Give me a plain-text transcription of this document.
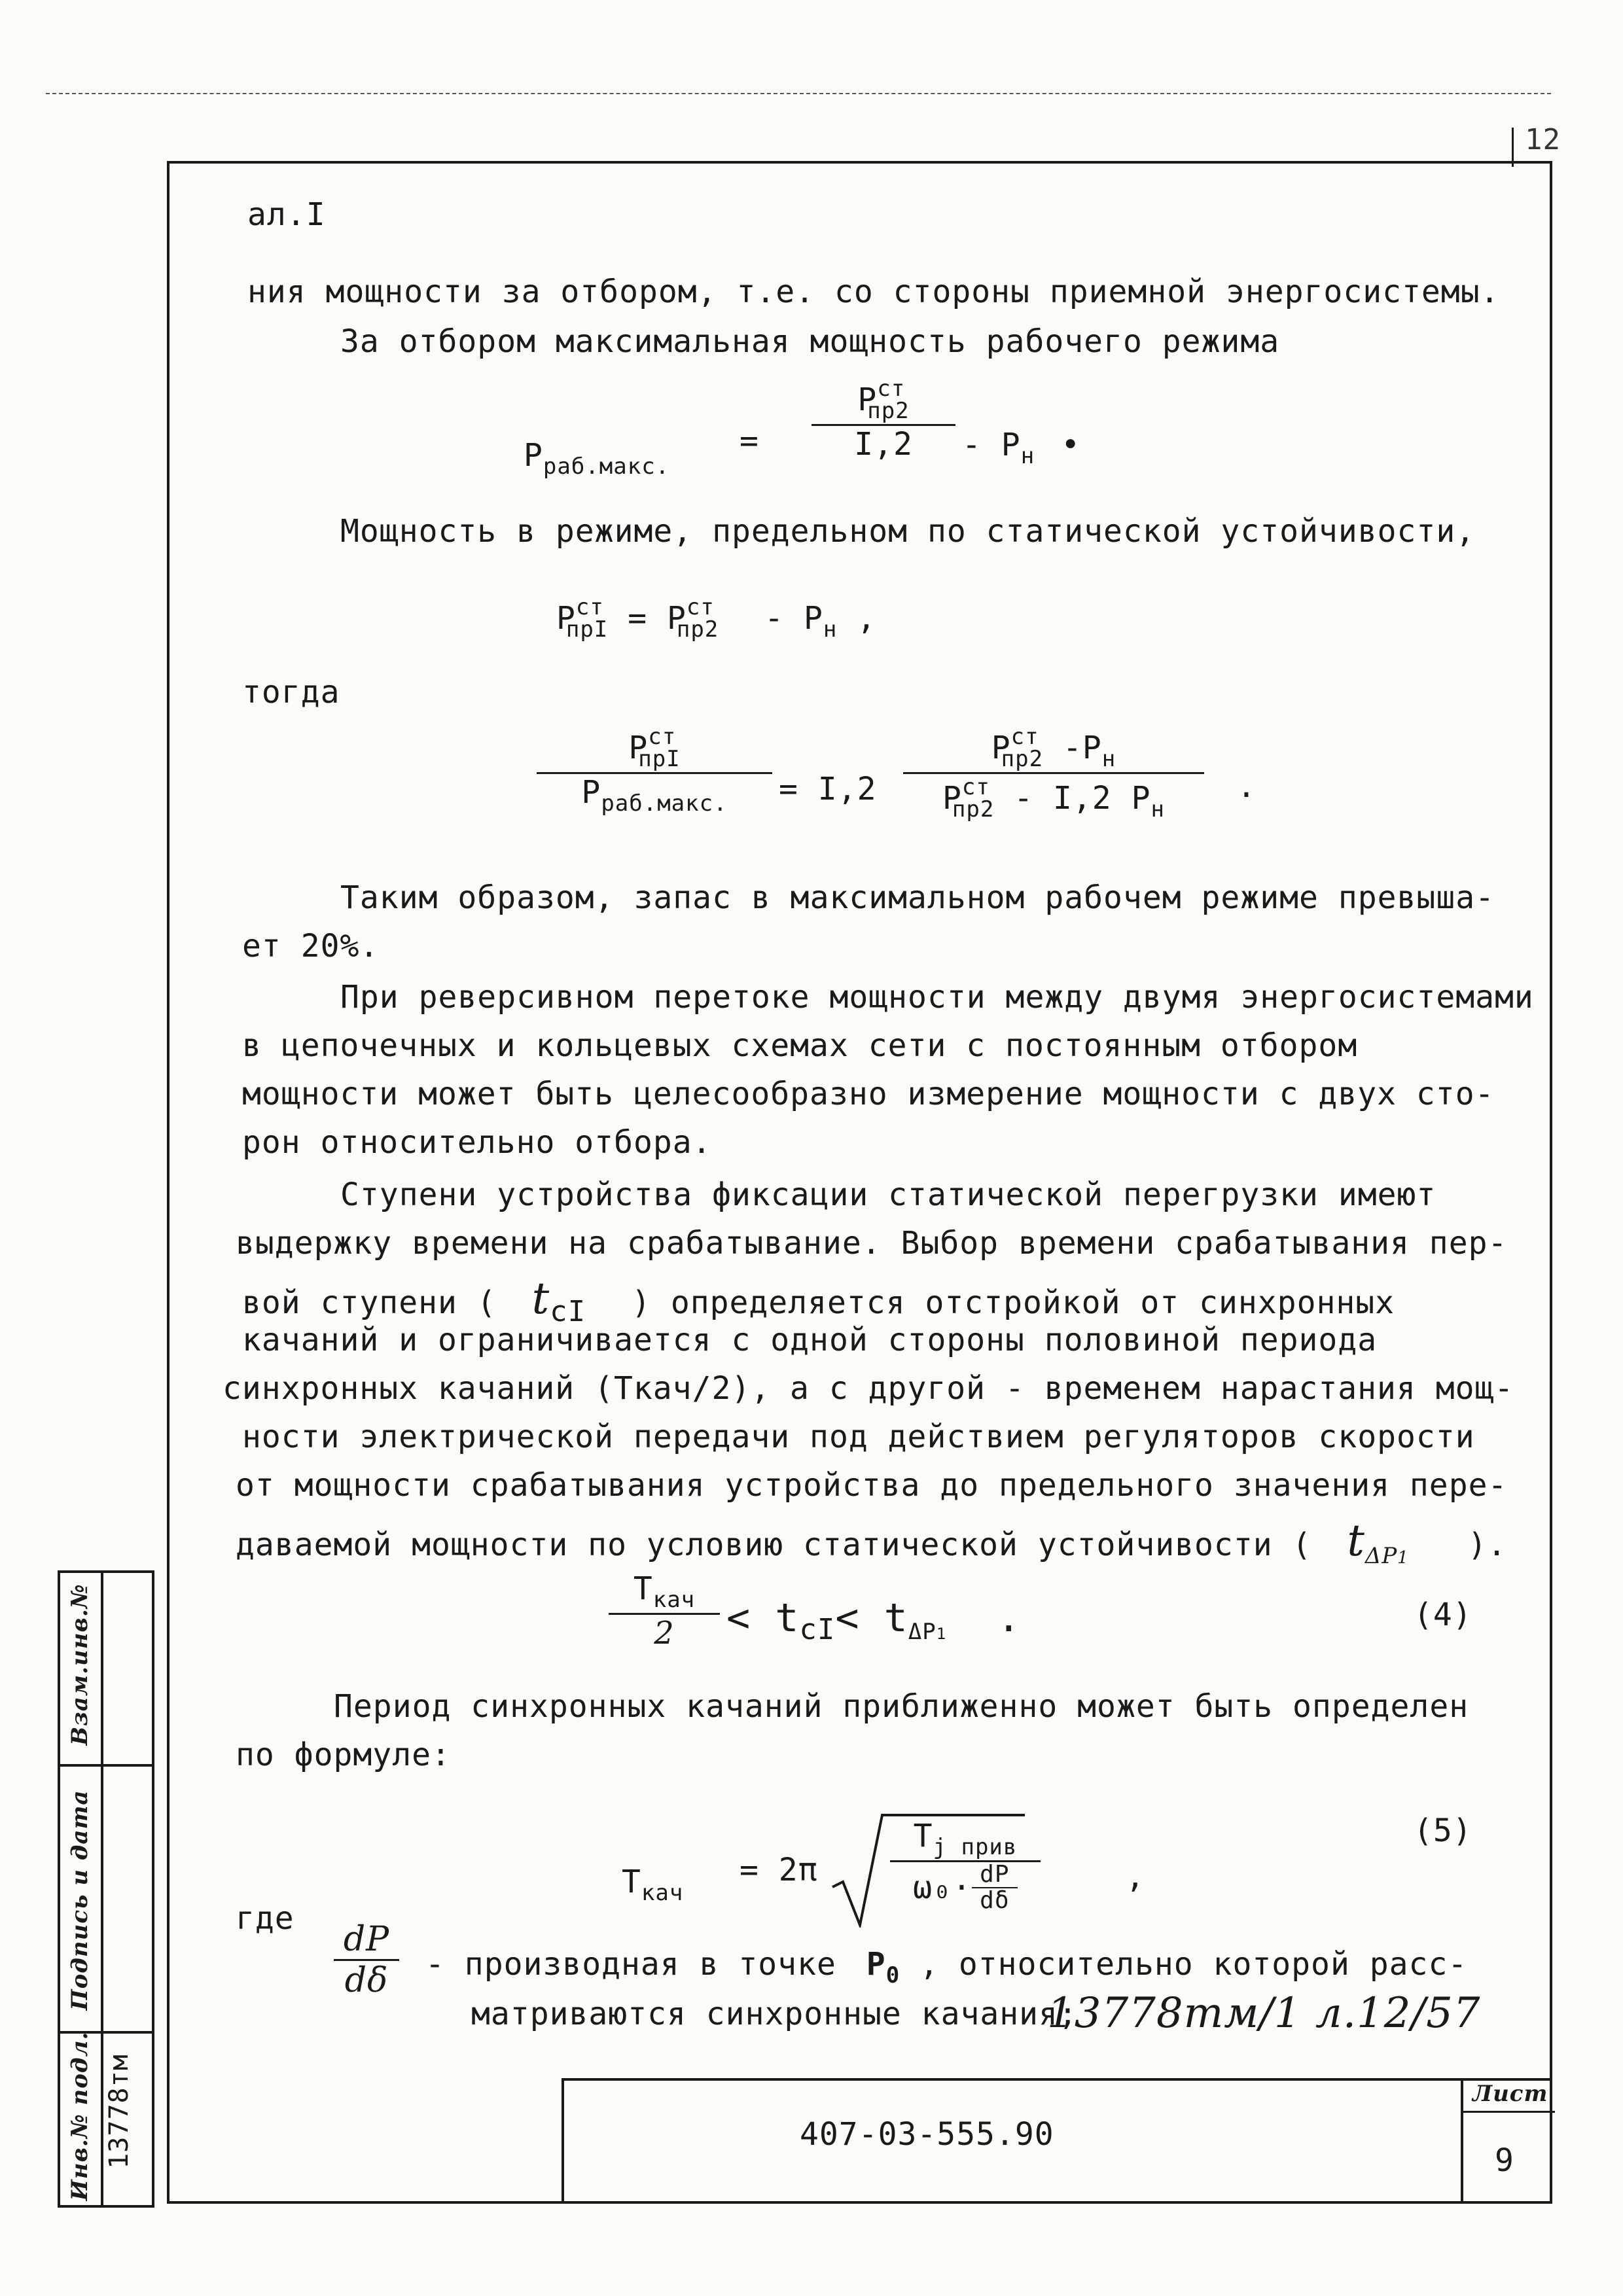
12
ал.I
ния мощности за отбором, т.е. со стороны приемной энергосистемы.
За отбором максимальная мощность рабочего режима
$P_{раб.макс.}$
=
$P^{ст}_{пр2}$
$I,2 - P_н$ •
Мощность в режиме, предельном по статической устойчивости,
$P^{ст}_{прI} = P^{ст}_{пр2} - P_н$ ,
тогда
$P^{ст}_{прI}$
$P_{раб.макс.} = I,2$
$P^{ст}_{пр2}$ $-P_н$
$P^{ст}_{пр2} - I,2$ $P_н$
.
Таким образом, запас в максимальном рабочем режиме превыша-
ет 20%.
При реверсивном перетоке мощности между двумя энергосистемами
в цепочечных и кольцевых схемах сети с постоянным отбором
мощности может быть целесообразно измерение мощности с двух сто-
рон относительно отбора.
Ступени устройства фиксации статической перегрузки имеют
выдержку времени на срабатывание. Выбор времени срабатывания пер-
вой ступени ( $t_{cI}$ ) определяется отстройкой от синхронных
качаний и ограничивается с одной стороны половиной периода
синхронных качаний (Ткач/2), а с другой - временем нарастания мощ-
ности электрической передачи под действием регуляторов скорости
от мощности срабатывания устройства до предельного значения пере-
даваемой мощности по условию статической устойчивости ( $t_{\Delta P1}$ ).
$T_{кач}$
$2 < t_{cI}< t_{\Delta P1}$ .	(4)
Период синхронных качаний приближенно может быть определен
по формуле:
(5)
$T_{кач}$
= 2π
$T_{j прив}$
ω₀· dP
dδ
,
где
dP
dδ - производная в точке $P_0$ , относительно которой расс-
матриваются синхронные качания;
13778тм/1 л.12/57
407-03-555.90
Лист
9
Взам.инв.№
Подпись и дата
Инв.№ подл. 13778тм
